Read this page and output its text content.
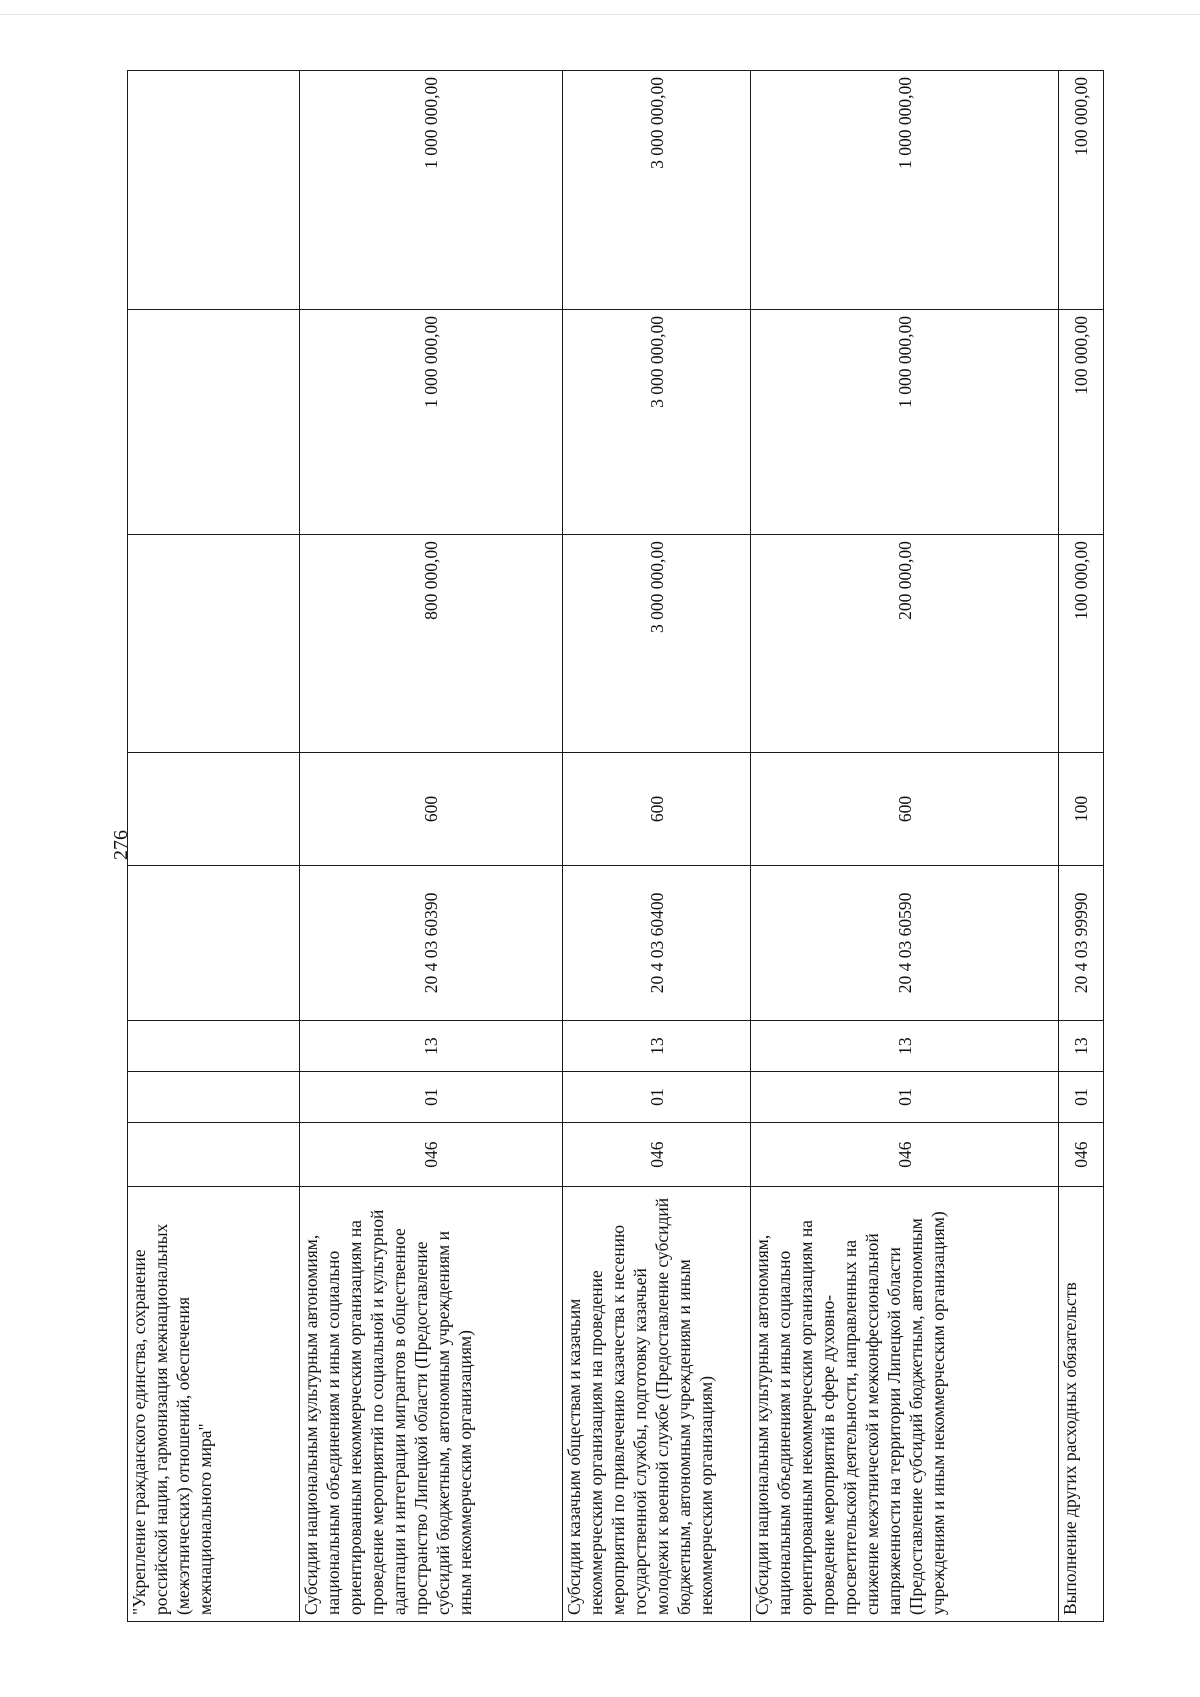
276
"Укрепление гражданского единства, сохранение российской нации, гармонизация межнациональных (межэтнических) отношений, обеспечения межнационального мира"								
Субсидии национальным культурным автономиям, национальным объединениям и иным социально ориентированным некоммерческим организациям на проведение мероприятий по социальной и культурной адаптации и интеграции мигрантов в общественное пространство Липецкой области (Предоставление субсидий бюджетным, автономным учреждениям и иным некоммерческим организациям)	046	01	13	20 4 03 60390	600	800 000,00	1 000 000,00	1 000 000,00
Субсидии казачьим обществам и казачьим некоммерческим организациям на проведение мероприятий по привлечению казачества к несению государственной службы, подготовку казачьей молодежи к военной службе (Предоставление субсидий бюджетным, автономным учреждениям и иным некоммерческим организациям)	046	01	13	20 4 03 60400	600	3 000 000,00	3 000 000,00	3 000 000,00
Субсидии национальным культурным автономиям, национальным объединениям и иным социально ориентированным некоммерческим организациям на проведение мероприятий в сфере духовно-просветительской деятельности, направленных на снижение межэтнической и межконфессиональной напряженности на территории Липецкой области (Предоставление субсидий бюджетным, автономным учреждениям и иным некоммерческим организациям)	046	01	13	20 4 03 60590	600	200 000,00	1 000 000,00	1 000 000,00
Выполнение других расходных обязательств	046	01	13	20 4 03 99990	100	100 000,00	100 000,00	100 000,00
